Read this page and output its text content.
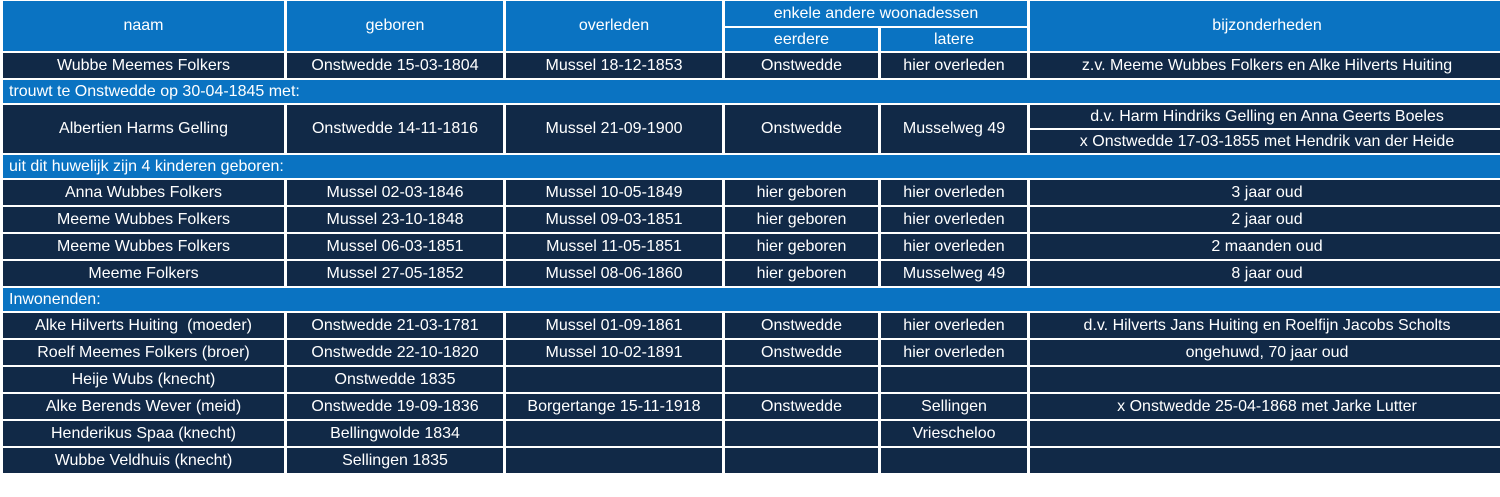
naam	geboren	overleden	enkele andere woonadessen		bijzonderheden
			eerdere	latere	
Wubbe Meemes Folkers	Onstwedde 15-03-1804	Mussel 18-12-1853	Onstwedde	hier overleden	z.v. Meeme Wubbes Folkers en Alke Hilverts Huiting
trouwt te Onstwedde op 30-04-1845 met:					
Albertien Harms Gelling	Onstwedde 14-11-1816	Mussel 21-09-1900	Onstwedde	Musselweg 49	d.v. Harm Hindriks Gelling en Anna Geerts Boeles
					x Onstwedde 17-03-1855 met Hendrik van der Heide
uit dit huwelijk zijn 4 kinderen geboren:					
Anna Wubbes Folkers	Mussel 02-03-1846	Mussel 10-05-1849	hier geboren	hier overleden	3 jaar oud
Meeme Wubbes Folkers	Mussel 23-10-1848	Mussel 09-03-1851	hier geboren	hier overleden	2 jaar oud
Meeme Wubbes Folkers	Mussel 06-03-1851	Mussel 11-05-1851	hier geboren	hier overleden	2 maanden oud
Meeme Folkers	Mussel 27-05-1852	Mussel 08-06-1860	hier geboren	Musselweg 49	8 jaar oud
Inwonenden:					
Alke Hilverts Huiting  (moeder)	Onstwedde 21-03-1781	Mussel 01-09-1861	Onstwedde	hier overleden	d.v. Hilverts Jans Huiting en Roelfijn Jacobs Scholts
Roelf Meemes Folkers (broer)	Onstwedde 22-10-1820	Mussel 10-02-1891	Onstwedde	hier overleden	ongehuwd, 70 jaar oud
Heije Wubs (knecht)	Onstwedde 1835				
Alke Berends Wever (meid)	Onstwedde 19-09-1836	Borgertange 15-11-1918	Onstwedde	Sellingen	x Onstwedde 25-04-1868 met Jarke Lutter
Henderikus Spaa (knecht)	Bellingwolde 1834			Vriescheloo	
Wubbe Veldhuis (knecht)	Sellingen 1835				
